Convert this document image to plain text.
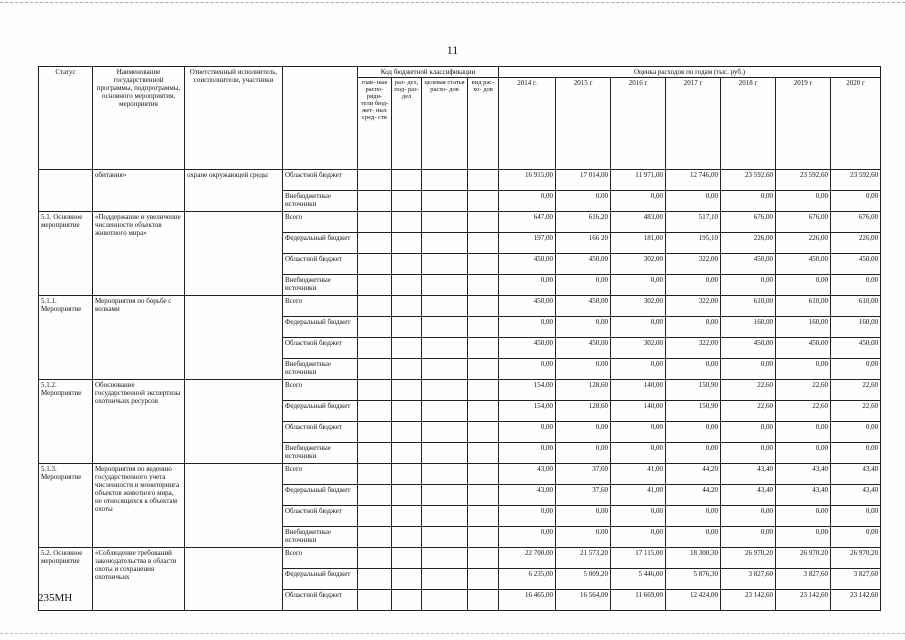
11
Статус	Наименование государственной программы, подпрограммы, основного мероприятия, мероприятия	Ответственный исполнитель, соисполнители, участники		Код бюджетной классификации				Оценка расходов по годам (тыс. руб.)						
				глав- ные распо- ряди- тели бюд- жет- ных сред- ств	раз- дел, под- раз- дел	целевая статья расхо- дов	вид рас- хо- дов	2014 г.	2015 г	2016 г	2017 г	2018 г	2019 г	2020 г
	обитания»	охране окружающей среды	Областной бюджет					16 915,00	17 014,00	11 971,00	12 746,00	23 592,60	23 592,60	23 592,60
			Внебюджетные источники					0,00	0,00	0,00	0,00	0,00	0,00	0,00
5.1. Основное мероприятие	«Поддержание и увеличение численности объектов животного мира»		Всего					647,00	616,20	483,00	517,10	676,00	676,00	676,00
			Федеральный бюджет					197,00	166 20	181,00	195,10	226,00	226,00	226,00
			Областной бюджет					450,00	450,00	302,00	322,00	450,00	450,00	450,00
			Внебюджетные источники					0,00	0,00	0,00	0,00	0,00	0,00	0,00
5.1.1. Мероприятие	Мероприятия по борьбе с волками		Всего					450,00	450,00	302,00	322,00	610,00	610,00	610,00
			Федеральный бюджет					0,00	0,00	0,00	0,00	160,00	160,00	160,00
			Областной бюджет					450,00	450,00	302,00	322,00	450,00	450,00	450,00
			Внебюджетные источники					0,00	0,00	0,00	0,00	0,00	0,00	0,00
5.1.2. Мероприятие	Обоснование государственной экспертизы охотничьих ресурсов		Всего					154,00	128,60	140,00	150,90	22,60	22,60	22,60
			Федеральный бюджет					154,00	128,60	140,00	150,90	22,60	22,60	22,60
			Областной бюджет					0,00	0,00	0,00	0,00	0,00	0,00	0,00
			Внебюджетные источники					0,00	0,00	0,00	0,00	0,00	0,00	0,00
5.1.3. Мероприятие	Мероприятия по ведению государственного учета численности и мониторинга объектов животного мира, не относящихся к объектам охоты		Всего					43,00	37,60	41,00	44,20	43,40	43,40	43,40
			Федеральный бюджет					43,00	37,60	41,00	44,20	43,40	43,40	43,40
			Областной бюджет					0,00	0,00	0,00	0,00	0,00	0,00	0,00
			Внебюджетные источники					0,00	0,00	0,00	0,00	0,00	0,00	0,00
5.2. Основное мероприятие	«Соблюдение требований законодательства в области охоты и сохранения охотничьих		Всего					22 700,00	21 573,20	17 115,00	18 300,30	26 970,20	26 970,20	26 970,20
			Федеральный бюджет					6 235,00	5 009,20	5 446,00	5 876,30	3 827,60	3 827,60	3 827,60
			Областной бюджет					16 465,00	16 564,00	11 669,00	12 424,00	23 142,60	23 142,60	23 142,60
235МН
